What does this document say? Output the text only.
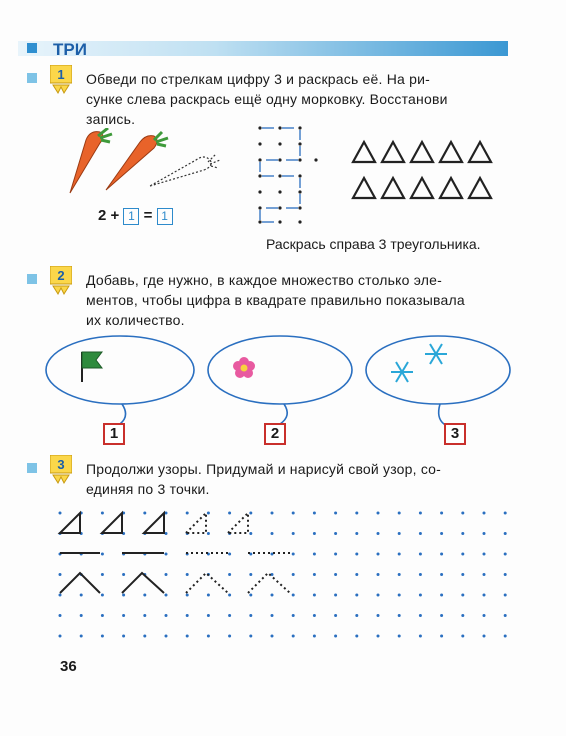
ТРИ
1 Обведи по стрелкам цифру 3 и раскрась её. На ри-
сунке слева раскрась ещё одну морковку. Восстанови
запись.
2 + 1 = 1
Раскрась справа 3 треугольника.
2 Добавь, где нужно, в каждое множество столько эле-
ментов, чтобы цифра в квадрате правильно показывала
их количество.
1	2	3
3 Продолжи узоры. Придумай и нарисуй свой узор, со-
единяя по 3 точки.
36
